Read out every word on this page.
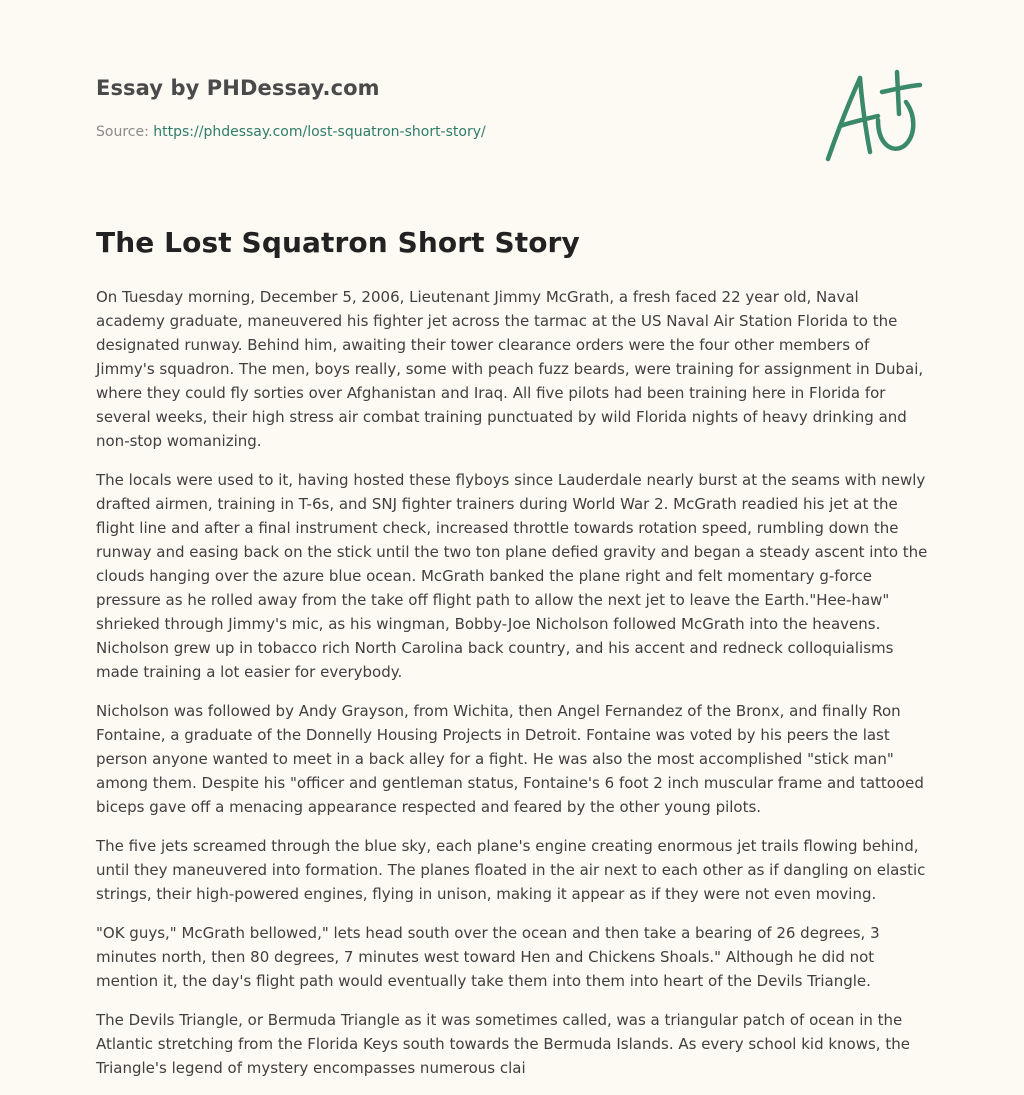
Essay by PHDessay.com
Source: https://phdessay.com/lost-squatron-short-story/
The Lost Squatron Short Story

On Tuesday morning, December 5, 2006, Lieutenant Jimmy McGrath, a fresh faced 22 year old, Naval academy graduate, maneuvered his fighter jet across the tarmac at the US Naval Air Station Florida to the designated runway. Behind him, awaiting their tower clearance orders were the four other members of Jimmy's squadron. The men, boys really, some with peach fuzz beards, were training for assignment in Dubai, where they could fly sorties over Afghanistan and Iraq. All five pilots had been training here in Florida for several weeks, their high stress air combat training punctuated by wild Florida nights of heavy drinking and non-stop womanizing.

The locals were used to it, having hosted these flyboys since Lauderdale nearly burst at the seams with newly drafted airmen, training in T-6s, and SNJ fighter trainers during World War 2. McGrath readied his jet at the flight line and after a final instrument check, increased throttle towards rotation speed, rumbling down the runway and easing back on the stick until the two ton plane defied gravity and began a steady ascent into the clouds hanging over the azure blue ocean. McGrath banked the plane right and felt momentary g-force pressure as he rolled away from the take off flight path to allow the next jet to leave the Earth."Hee-haw" shrieked through Jimmy's mic, as his wingman, Bobby-Joe Nicholson followed McGrath into the heavens. Nicholson grew up in tobacco rich North Carolina back country, and his accent and redneck colloquialisms made training a lot easier for everybody.

Nicholson was followed by Andy Grayson, from Wichita, then Angel Fernandez of the Bronx, and finally Ron Fontaine, a graduate of the Donnelly Housing Projects in Detroit. Fontaine was voted by his peers the last person anyone wanted to meet in a back alley for a fight. He was also the most accomplished "stick man" among them. Despite his "officer and gentleman status, Fontaine's 6 foot 2 inch muscular frame and tattooed biceps gave off a menacing appearance respected and feared by the other young pilots.

The five jets screamed through the blue sky, each plane's engine creating enormous jet trails flowing behind, until they maneuvered into formation. The planes floated in the air next to each other as if dangling on elastic strings, their high-powered engines, flying in unison, making it appear as if they were not even moving.

"OK guys," McGrath bellowed," lets head south over the ocean and then take a bearing of 26 degrees, 3 minutes north, then 80 degrees, 7 minutes west toward Hen and Chickens Shoals." Although he did not mention it, the day's flight path would eventually take them into them into heart of the Devils Triangle.

The Devils Triangle, or Bermuda Triangle as it was sometimes called, was a triangular patch of ocean in the Atlantic stretching from the Florida Keys south towards the Bermuda Islands. As every school kid knows, the Triangle's legend of mystery encompasses numerous clai
